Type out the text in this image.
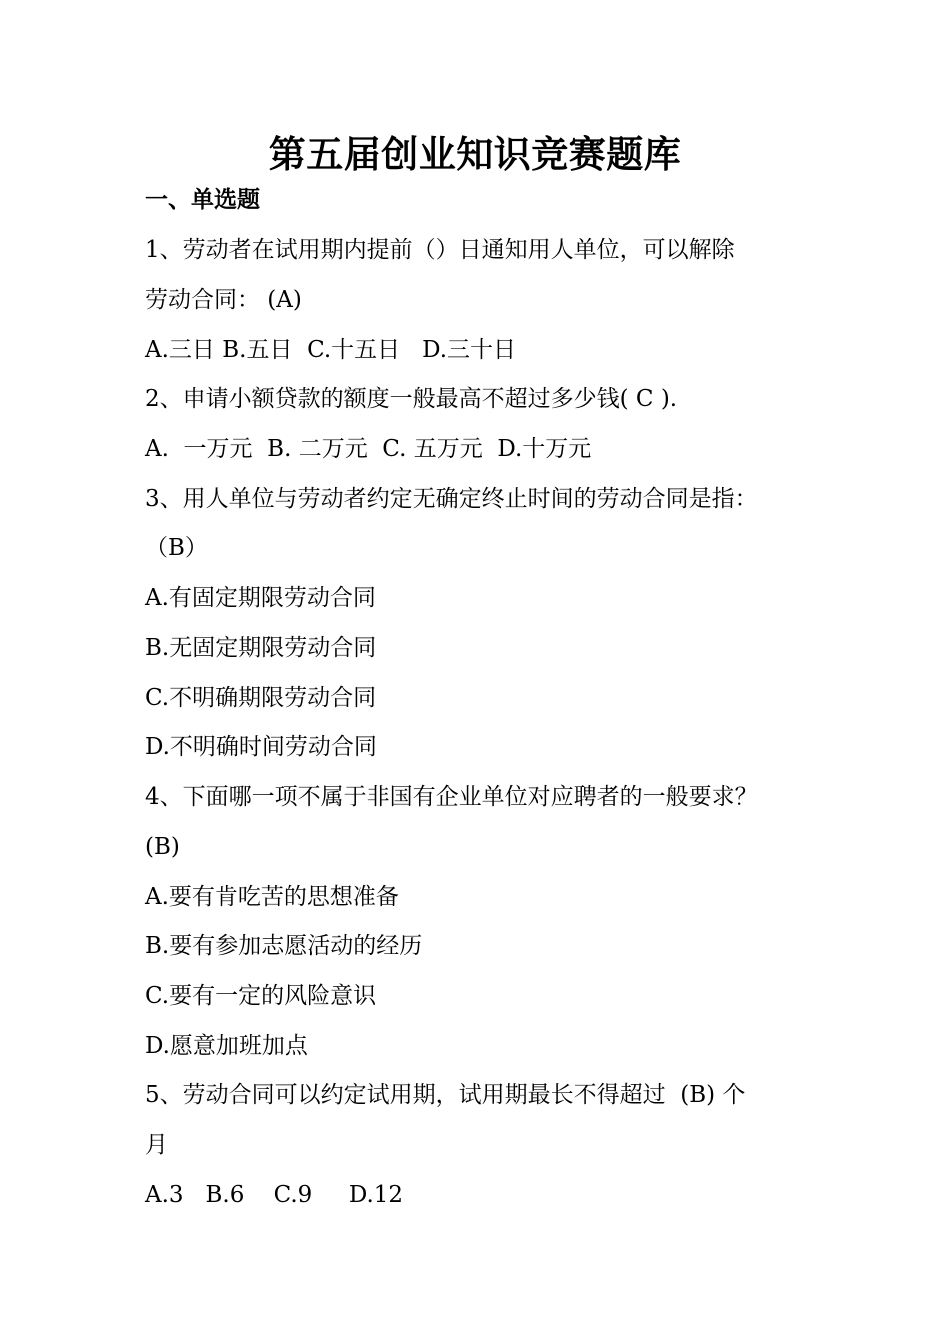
第五届创业知识竞赛题库
一、单选题
1、劳动者在试用期内提前（）日通知用人单位，可以解除
劳动合同： (A)
A.三日 B.五日  C.十五日   D.三十日
2、申请小额贷款的额度一般最高不超过多少钱( C ).
A.  一万元  B. 二万元  C. 五万元  D.十万元
3、用人单位与劳动者约定无确定终止时间的劳动合同是指：
（B）
A.有固定期限劳动合同
B.无固定期限劳动合同
C.不明确期限劳动合同
D.不明确时间劳动合同
4、下面哪一项不属于非国有企业单位对应聘者的一般要求？
(B)
A.要有肯吃苦的思想准备
B.要有参加志愿活动的经历
C.要有一定的风险意识
D.愿意加班加点
5、劳动合同可以约定试用期，试用期最长不得超过  (B) 个
月
A.3   B.6    C.9     D.12
